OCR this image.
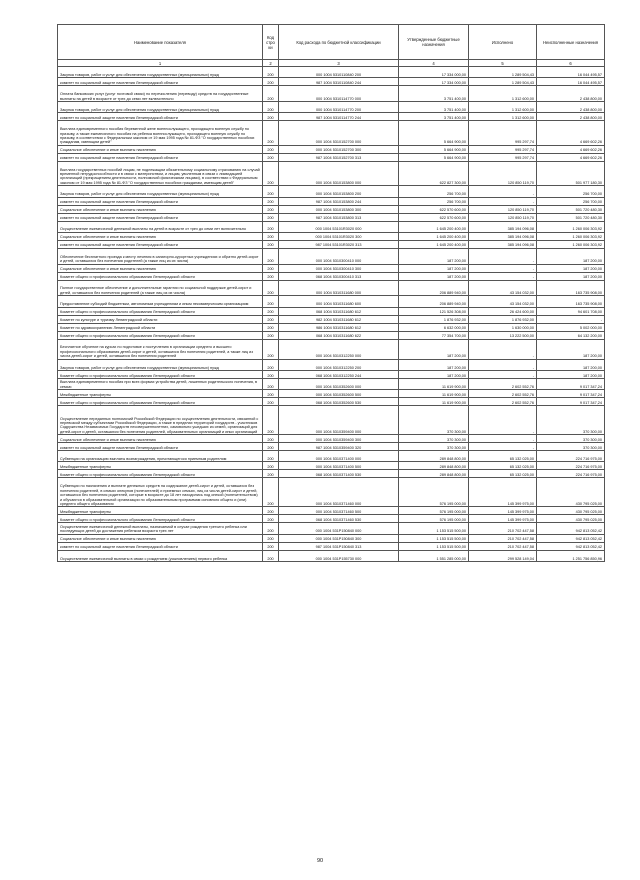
Наименование показателя	Код стро ки	Код расхода по бюджетной классификации	Утвержденные бюджетные назначения	Исполнено	Неисполненные назначения
1	2	3	4	5	6
Закупка товаров, работ и услуг для обеспечения государственных (муниципальных) нужд	200	000 1004 5310110840 200	17 334 000,00	1 289 504,43	16 044 495,57
комитет по социальной защите населения Ленинградской области	200	987 1004 5310110840 244	17 334 000,00	1 289 504,43	16 044 495,57
Оплата банковских услуг (услуг почтовой связи) по перечислению (переводу) средств на государственные выплаты на детей в возрасте от трех до семи лет включительно	200	000 1004 5310114770 000	3 751 400,00	1 312 600,00	2 438 800,00
Закупка товаров, работ и услуг для обеспечения государственных (муниципальных) нужд	200	000 1004 5310114770 200	3 751 400,00	1 312 600,00	2 438 800,00
комитет по социальной защите населения Ленинградской области	200	987 1004 5310114770 244	3 751 400,00	1 312 600,00	2 438 800,00
Выплата единовременного пособия беременной жене военнослужащего, проходящего военную службу по призыву, а также ежемесячного пособия на ребенка военнослужащего, проходящего военную службу по призыву, в соответствии с Федеральным законом от 19 мая 1995 года № 81-ФЗ "О государственных пособиях гражданам, имеющим детей"	200	000 1004 5310152700 000	5 664 900,00	995 297,74	4 669 602,26
Социальное обеспечение и иные выплаты населению	200	000 1004 5310152700 300	5 664 900,00	995 297,74	4 669 602,26
комитет по социальной защите населения Ленинградской области	200	987 1004 5310152700 313	5 664 900,00	995 297,74	4 669 602,26
Выплата государственных пособий лицам, не подлежащим обязательному социальному страхованию на случай временной нетрудоспособности и в связи с материнством, и лицам, уволенным в связи с ликвидацией организаций (прекращением деятельности, полномочий физическими лицами), в соответствии с Федеральным законом от 19 мая 1995 года № 81-ФЗ "О государственных пособиях гражданам, имеющим детей"	200	000 1004 5310153800 000	622 827 300,00	120 850 119,70	501 977 180,30
Закупка товаров, работ и услуг для обеспечения государственных (муниципальных) нужд	200	000 1004 5310153800 200	256 700,00	-	256 700,00
комитет по социальной защите населения Ленинградской области	200	987 1004 5310153800 244	256 700,00	-	256 700,00
Социальное обеспечение и иные выплаты населению	200	000 1004 5310153800 300	622 570 600,00	120 850 119,70	501 720 480,30
комитет по социальной защите населения Ленинградской области	200	987 1004 5310153800 313	622 570 600,00	120 850 119,70	501 720 480,30
Осуществление ежемесячной денежной выплаты на детей в возрасте от трех до семи лет включительно	200	000 1004 53101R3020 000	1 645 200 400,00	385 194 096,08	1 260 006 303,92
Социальное обеспечение и иные выплаты населению	200	000 1004 53101R3020 300	1 645 200 400,00	385 194 096,08	1 260 006 303,92
комитет по социальной защите населения Ленинградской области	200	987 1004 53101R3020 313	1 645 200 400,00	385 194 096,08	1 260 006 303,92
Обеспечение бесплатного проезда к месту лечения в санаторно-курортных учреждениях и обратно детей-сирот и детей, оставшихся без попечения родителей (а также лиц из их числа)	200	000 1004 5310300410 000	187 200,00	-	187 200,00
Социальное обеспечение и иные выплаты населению	200	000 1004 5310300410 300	187 200,00	-	187 200,00
Комитет общего и профессионального образования Ленинградской области	200	068 1004 5310300410 313	187 200,00	-	187 200,00
Полное государственное обеспечение и дополнительные гарантии по социальной поддержке детей-сирот и детей, оставшихся без попечения родителей (а также лиц из их числа)	200	000 1004 5310311680 000	206 889 940,00	43 154 032,00	163 735 908,00
Предоставление субсидий бюджетным, автономным учреждениям и иным некоммерческим организациям	200	000 1004 5310311680 600	206 889 940,00	43 154 032,00	163 735 908,00
Комитет общего и профессионального образования Ленинградской области	200	068 1004 5310311680 612	121 526 308,00	26 424 600,00	94 601 708,00
Комитет по культуре и туризму Ленинградской области	200	982 1004 5310311680 612	1 876 932,00	1 876 932,00	-
Комитет по здравоохранению Ленинградской области	200	986 1004 5310311680 612	6 632 000,00	1 630 000,00	5 002 000,00
Комитет общего и профессионального образования Ленинградской области	200	068 1004 5310311680 622	77 354 700,00	13 222 500,00	64 132 200,00
Бесплатное обучение на курсах по подготовке к поступлению в организации среднего и высшего профессионального образования детей-сирот и детей, оставшихся без попечения родителей, а также лиц из числа детей-сирот и детей, оставшихся без попечения родителей	200	000 1004 5310312250 000	187 200,00	-	187 200,00
Закупка товаров, работ и услуг для обеспечения государственных (муниципальных) нужд	200	000 1004 5310312250 200	187 200,00	-	187 200,00
Комитет общего и профессионального образования Ленинградской области	200	068 1004 5310312250 244	187 200,00	-	187 200,00
Выплата единовременного пособия при всех формах устройства детей, лишенных родительского попечения, в семью	200	000 1004 5310352600 000	11 619 900,00	2 602 552,76	9 017 347,24
Межбюджетные трансферты	200	000 1004 5310352600 500	11 619 900,00	2 602 552,76	9 017 347,24
Комитет общего и профессионального образования Ленинградской области	200	068 1004 5310352600 530	11 619 900,00	2 602 552,76	9 017 347,24
Осуществление переданных полномочий Российской Федерации по осуществлению деятельности, связанной с перевозкой между субъектами Российской Федерации, а также в пределах территорий государств - участников Содружества Независимых Государств несовершеннолетних, самовольно ушедших из семей, организаций для детей-сирот и детей, оставшихся без попечения родителей, образовательных организаций и иных организаций	200	000 1004 5310359400 000	370 300,00	-	370 300,00
Социальное обеспечение и иные выплаты населению	200	000 1004 5310359400 300	370 300,00	-	370 300,00
комитет по социальной защите населения Ленинградской области	200	987 1004 5310359400 320	370 300,00	-	370 300,00
Субвенции на организацию выплаты вознаграждения, причитающегося приемным родителям	200	000 1004 5310371400 000	289 848 800,00	65 132 025,00	224 716 975,00
Межбюджетные трансферты	200	000 1004 5310371400 500	289 848 800,00	65 132 025,00	224 716 975,00
Комитет общего и профессионального образования Ленинградской области	200	068 1004 5310371400 530	289 848 800,00	65 132 025,00	224 716 975,00
Субвенции по назначению и выплате денежных средств на содержание детей-сирот и детей, оставшихся без попечения родителей, в семьях опекунов (попечителей) и приемных семьях, лиц из числа детей-сирот и детей, оставшихся без попечения родителей, которые в возрасте до 18 лет находились под опекой (попечительством) и обучаются в образовательной организации по образовательным программам основного общего и (или) среднего общего образования	200	000 1004 5310371460 000	576 195 000,00	145 399 975,00	430 795 025,00
Межбюджетные трансферты	200	000 1004 5310371460 500	576 195 000,00	145 399 975,00	430 795 025,00
Комитет общего и профессионального образования Ленинградской области	200	068 1004 5310371460 530	576 195 000,00	145 399 975,00	430 795 025,00
Осуществление ежемесячной денежной выплаты, назначаемой в случае рождения третьего ребенка или последующих детей до достижения ребенком возраста трех лет	200	000 1004 531P150840 000	1 153 515 500,00	210 702 447,58	942 813 052,42
Социальное обеспечение и иные выплаты населению	200	000 1004 531P150840 300	1 153 515 500,00	210 702 447,58	942 813 052,42
комитет по социальной защите населения Ленинградской области	200	987 1004 531P150840 313	1 153 515 500,00	210 702 447,58	942 813 052,42
Осуществление ежемесячной выплаты в связи с рождением (усыновлением) первого ребенка	200	000 1004 531P155730 000	1 551 285 000,00	299 528 149,04	1 251 756 850,96
90
